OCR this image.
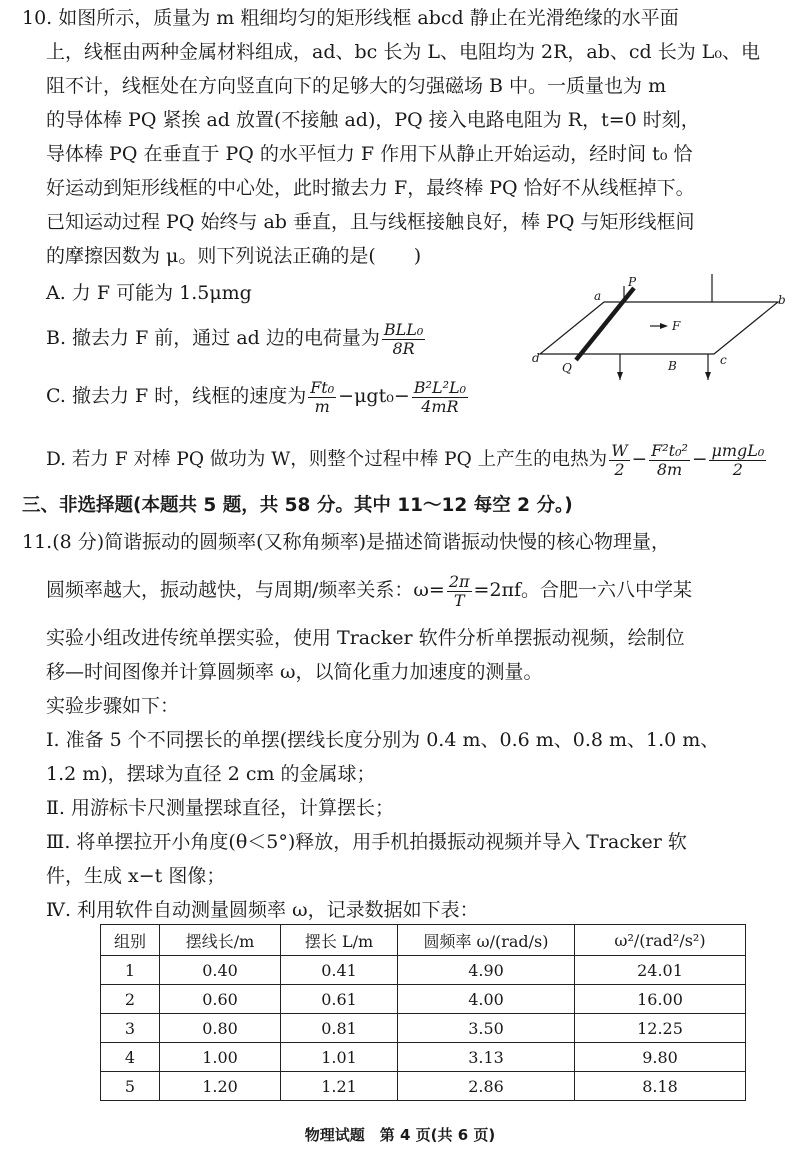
10. 如图所示，质量为 m 粗细均匀的矩形线框 abcd 静止在光滑绝缘的水平面
上，线框由两种金属材料组成，ad、bc 长为 L、电阻均为 2R，ab、cd 长为 L₀、电
阻不计，线框处在方向竖直向下的足够大的匀强磁场 B 中。一质量也为 m
的导体棒 PQ 紧挨 ad 放置(不接触 ad)，PQ 接入电路电阻为 R，t=0 时刻，
导体棒 PQ 在垂直于 PQ 的水平恒力 F 作用下从静止开始运动，经时间 t₀ 恰
好运动到矩形线框的中心处，此时撤去力 F，最终棒 PQ 恰好不从线框掉下。
已知运动过程 PQ 始终与 ab 垂直，且与线框接触良好，棒 PQ 与矩形线框间
的摩擦因数为 μ。则下列说法正确的是(　　)
A. 力 F 可能为 1.5μmg
B. 撤去力 F 前，通过 ad 边的电荷量为 $\frac{\text{BLL₀}}{8R}$
C. 撤去力 F 时，线框的速度为 $\frac{\text{Ft₀}}{m} -\mu gt_0- \frac{\text{B²L²L₀}}{4mR}$
D. 若力 F 对棒 PQ 做功为 W，则整个过程中棒 PQ 上产生的电热为 $\frac{W}{2} - \frac{\text{F²t₀²}}{8m} - \frac{\text{μmgL₀}}{2}$
a
P
b
d
Q
c
F
B
三、非选择题(本题共 5 题，共 58 分。其中 11～12 每空 2 分。)
11.(8 分)简谐振动的圆频率(又称角频率)是描述简谐振动快慢的核心物理量，
圆频率越大，振动越快，与周期/频率关系：$\omega= \frac{2\pi}{T} =2\pi f$。合肥一六八中学某
实验小组改进传统单摆实验，使用 Tracker 软件分析单摆振动视频，绘制位
移—时间图像并计算圆频率 ω，以简化重力加速度的测量。
实验步骤如下：
Ⅰ. 准备 5 个不同摆长的单摆(摆线长度分别为 0.4 m、0.6 m、0.8 m、1.0 m、
1.2 m)，摆球为直径 2 cm 的金属球；
Ⅱ. 用游标卡尺测量摆球直径，计算摆长；
Ⅲ. 将单摆拉开小角度(θ＜5°)释放，用手机拍摄振动视频并导入 Tracker 软
件，生成 x−t 图像；
Ⅳ. 利用软件自动测量圆频率 ω，记录数据如下表：
组别	摆线长/m	摆长 L/m	圆频率 ω/(rad/s)	ω²/(rad²/s²)
1	0.40	0.41	4.90	24.01
2	0.60	0.61	4.00	16.00
3	0.80	0.81	3.50	12.25
4	1.00	1.01	3.13	9.80
5	1.20	1.21	2.86	8.18
物理试题　第 4 页(共 6 页)
